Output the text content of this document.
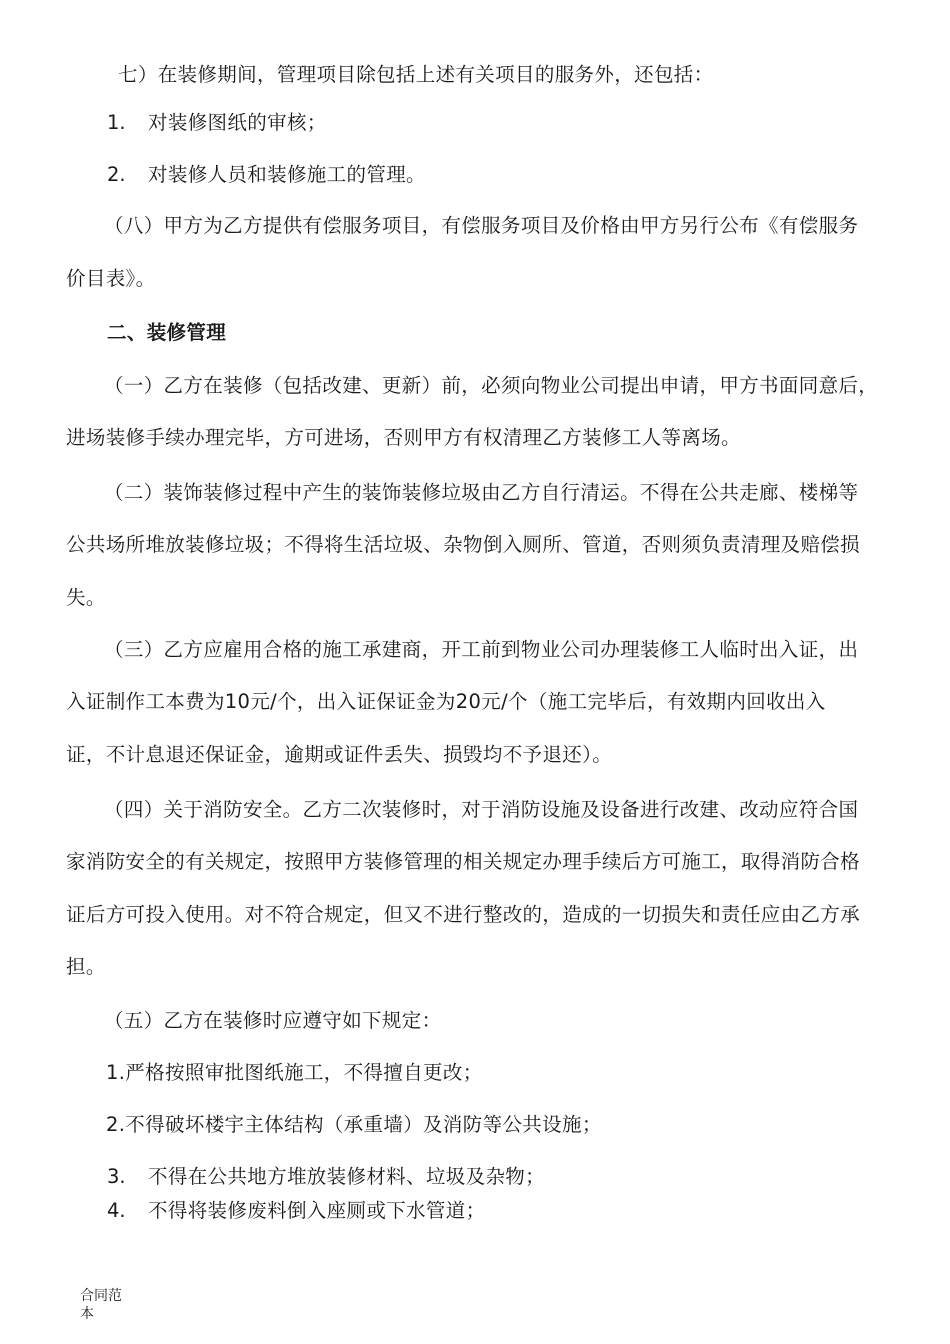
七）在装修期间，管理项目除包括上述有关项目的服务外，还包括：
1. 对装修图纸的审核；
2. 对装修人员和装修施工的管理。
（八）甲方为乙方提供有偿服务项目，有偿服务项目及价格由甲方另行公布《有偿服务
价目表》。
二、装修管理
（一）乙方在装修（包括改建、更新）前，必须向物业公司提出申请，甲方书面同意后，
进场装修手续办理完毕，方可进场，否则甲方有权清理乙方装修工人等离场。
（二）装饰装修过程中产生的装饰装修垃圾由乙方自行清运。不得在公共走廊、楼梯等
公共场所堆放装修垃圾；不得将生活垃圾、杂物倒入厕所、管道，否则须负责清理及赔偿损
失。
（三）乙方应雇用合格的施工承建商，开工前到物业公司办理装修工人临时出入证，出
入证制作工本费为10元/个，出入证保证金为20元/个（施工完毕后，有效期内回收出入
证，不计息退还保证金，逾期或证件丢失、损毁均不予退还）。
（四）关于消防安全。乙方二次装修时，对于消防设施及设备进行改建、改动应符合国
家消防安全的有关规定，按照甲方装修管理的相关规定办理手续后方可施工，取得消防合格
证后方可投入使用。对不符合规定，但又不进行整改的，造成的一切损失和责任应由乙方承
担。
（五）乙方在装修时应遵守如下规定：
1.严格按照审批图纸施工，不得擅自更改；
2.不得破坏楼宇主体结构（承重墙）及消防等公共设施；
3. 不得在公共地方堆放装修材料、垃圾及杂物；
4. 不得将装修废料倒入座厕或下水管道；
合同范本
